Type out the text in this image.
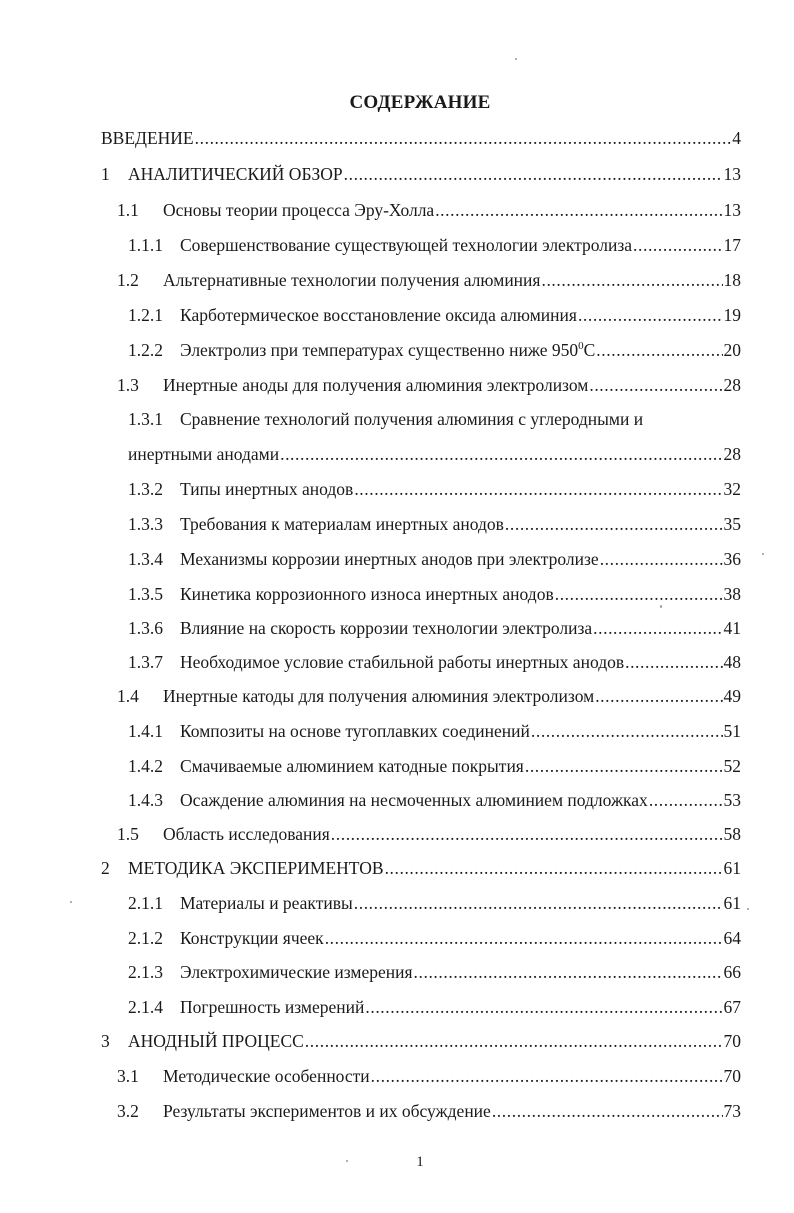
СОДЕРЖАНИЕ
ВВЕДЕНИЕ .....	4
1	АНАЛИТИЧЕСКИЙ ОБЗОР .....	13
1.1	Основы теории процесса Эру-Холла .....	13
1.1.1 Совершенствование существующей технологии электролиза .....	17
1.2	Альтернативные технологии получения алюминия .....	18
1.2.1 Карботермическое восстановление оксида алюминия .....	19
1.2.2 Электролиз при температурах существенно ниже $950^0С$ .....	20
1.3	Инертные аноды для получения алюминия электролизом .....	28
1.3.1 Сравнение технологий получения алюминия с углеродными и
инертными анодами .....	28
1.3.2 Типы инертных анодов .....	32
1.3.3 Требования к материалам инертных анодов .....	35
1.3.4 Механизмы коррозии инертных анодов при электролизе .....	36
1.3.5 Кинетика коррозионного износа инертных анодов .....	38
1.3.6 Влияние на скорость коррозии технологии электролиза .....	41
1.3.7 Необходимое условие стабильной работы инертных анодов .....	48
1.4	Инертные катоды для получения алюминия электролизом .....	49
1.4.1 Композиты на основе тугоплавких соединений .....	51
1.4.2 Смачиваемые алюминием катодные покрытия .....	52
1.4.3 Осаждение алюминия на несмоченных алюминием подложках .....	53
1.5	Область исследования .....	58
2	МЕТОДИКА ЭКСПЕРИМЕНТОВ .....	61
2.1.1 Материалы и реактивы .....	61
2.1.2 Конструкции ячеек .....	64
2.1.3 Электрохимические измерения .....	66
2.1.4 Погрешность измерений .....	67
3	АНОДНЫЙ ПРОЦЕСС .....	70
3.1	Методические особенности .....	70
3.2	Результаты экспериментов и их обсуждение .....	73
1
